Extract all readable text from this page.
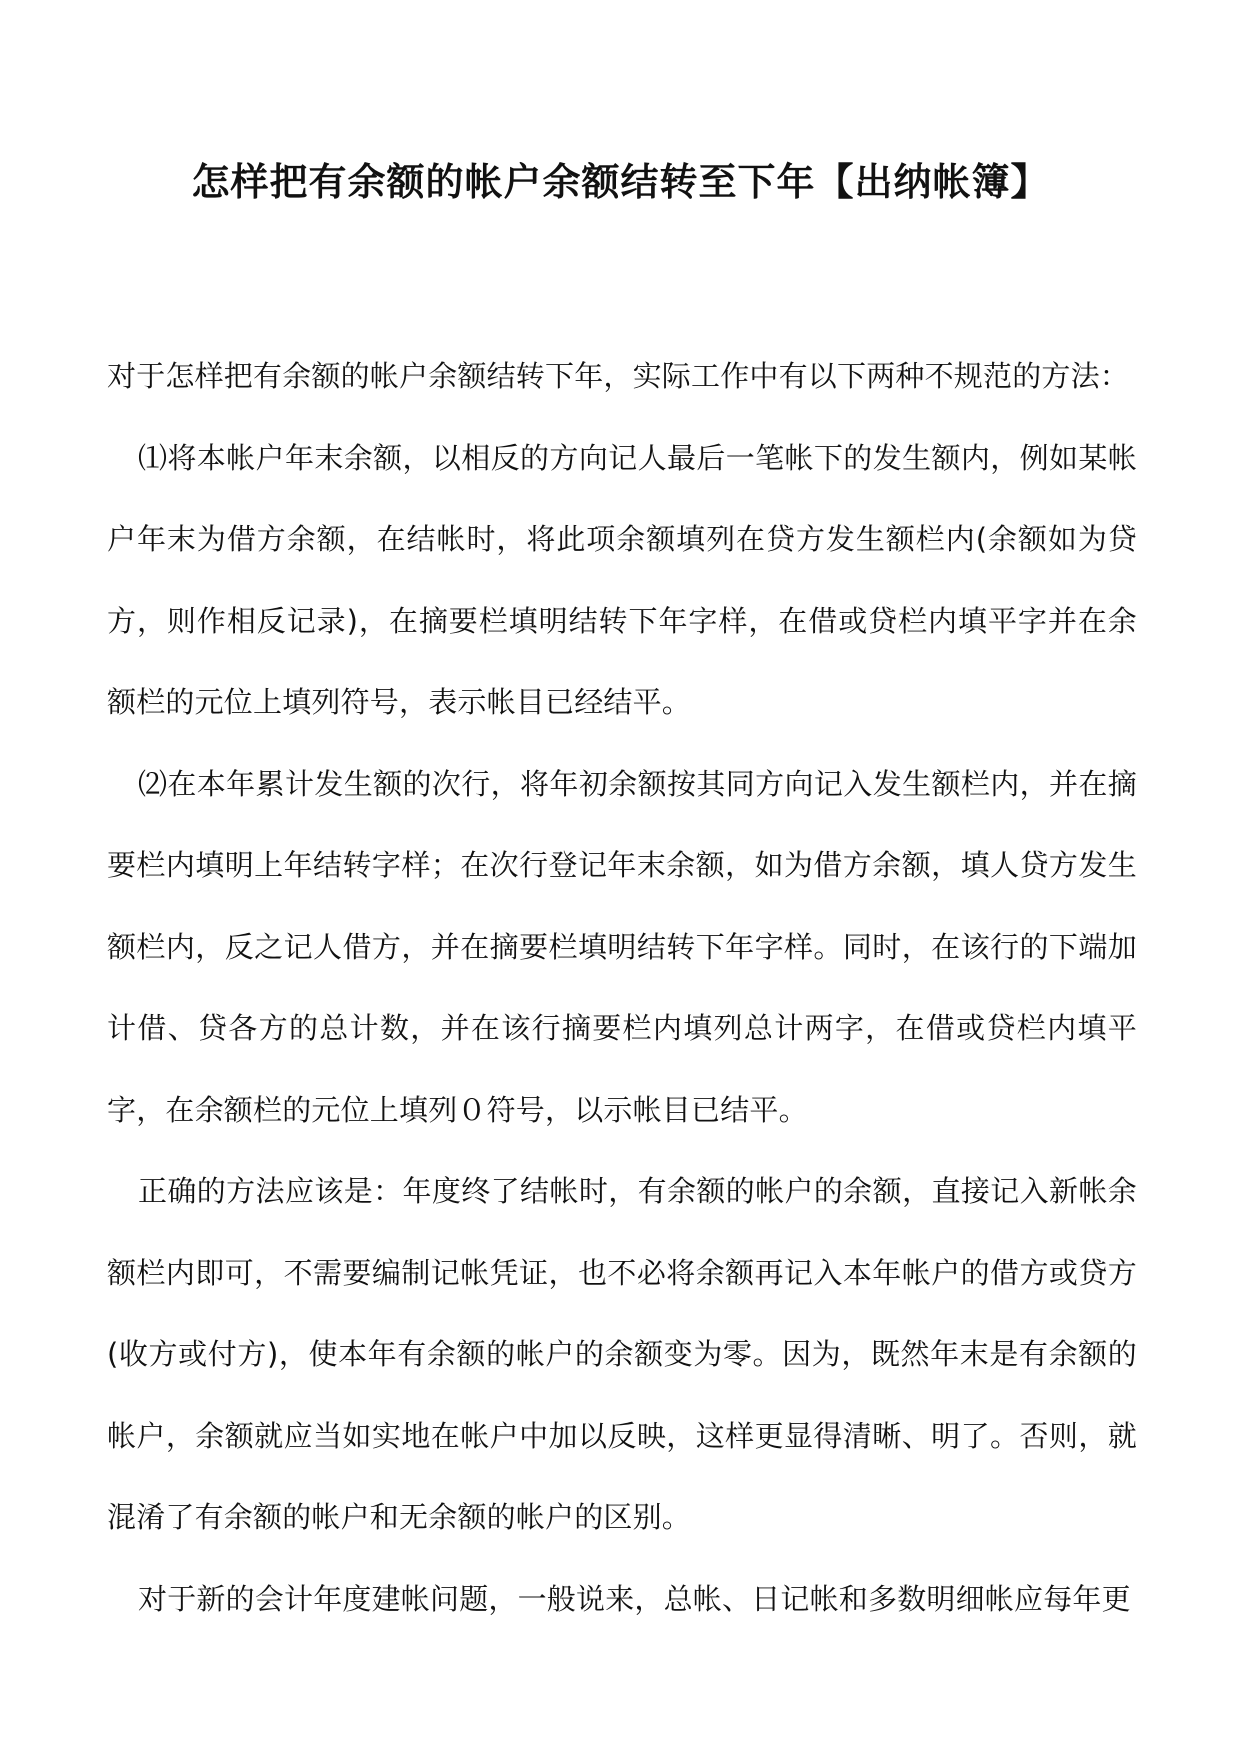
怎样把有余额的帐户余额结转至下年【出纳帐簿】

对于怎样把有余额的帐户余额结转下年，实际工作中有以下两种不规范的方法：

⑴将本帐户年末余额，以相反的方向记人最后一笔帐下的发生额内，例如某帐户年末为借方余额，在结帐时，将此项余额填列在贷方发生额栏内(余额如为贷方，则作相反记录)，在摘要栏填明结转下年字样，在借或贷栏内填平字并在余额栏的元位上填列符号，表示帐目已经结平。

⑵在本年累计发生额的次行，将年初余额按其同方向记入发生额栏内，并在摘要栏内填明上年结转字样；在次行登记年末余额，如为借方余额，填人贷方发生额栏内，反之记人借方，并在摘要栏填明结转下年字样。同时，在该行的下端加计借、贷各方的总计数，并在该行摘要栏内填列总计两字，在借或贷栏内填平字，在余额栏的元位上填列０符号，以示帐目已结平。

正确的方法应该是：年度终了结帐时，有余额的帐户的余额，直接记入新帐余额栏内即可，不需要编制记帐凭证，也不必将余额再记入本年帐户的借方或贷方(收方或付方)，使本年有余额的帐户的余额变为零。因为，既然年末是有余额的帐户，余额就应当如实地在帐户中加以反映，这样更显得清晰、明了。否则，就混淆了有余额的帐户和无余额的帐户的区别。

对于新的会计年度建帐问题，一般说来，总帐、日记帐和多数明细帐应每年更
